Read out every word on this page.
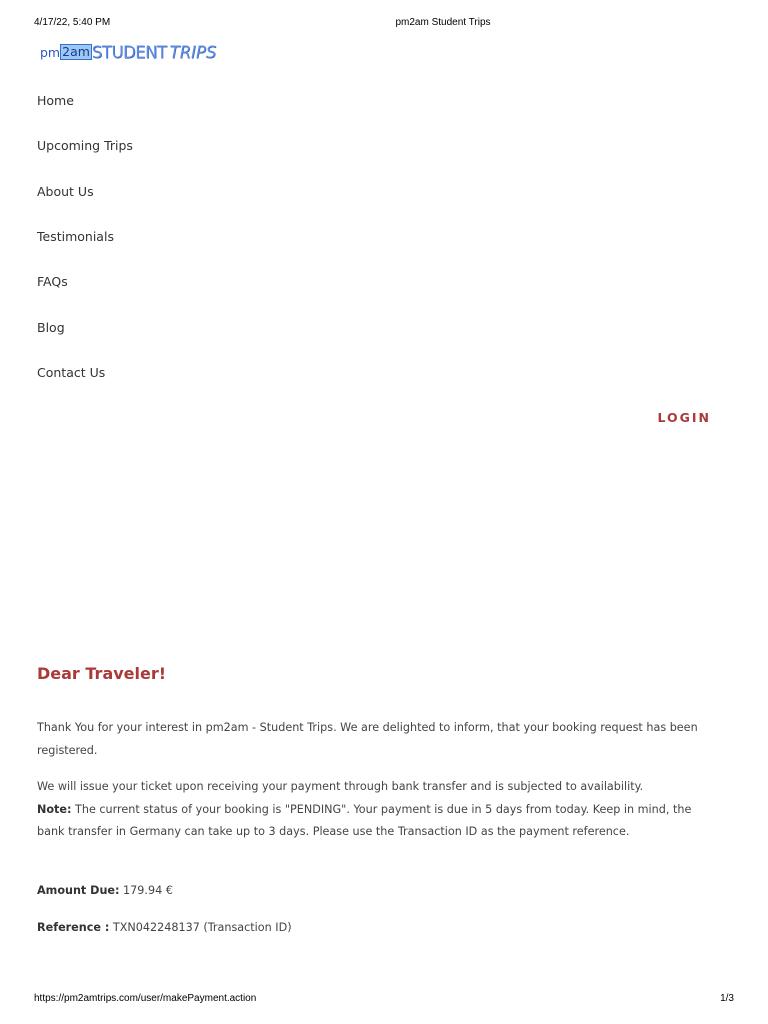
4/17/22, 5:40 PM	pm2am Student Trips
pm 2am STUDENT TRIPS
Home
Upcoming Trips
About Us
Testimonials
FAQs
Blog
Contact Us
LOGIN
Dear Traveler!

Thank You for your interest in pm2am - Student Trips. We are delighted to inform, that your booking request has been registered.

We will issue your ticket upon receiving your payment through bank transfer and is subjected to availability.

Note: The current status of your booking is "PENDING". Your payment is due in 5 days from today. Keep in mind, the bank transfer in Germany can take up to 3 days. Please use the Transaction ID as the payment reference.

Amount Due: 179.94 €

Reference : TXN042248137 (Transaction ID)

https://pm2amtrips.com/user/makePayment.action	1/3
